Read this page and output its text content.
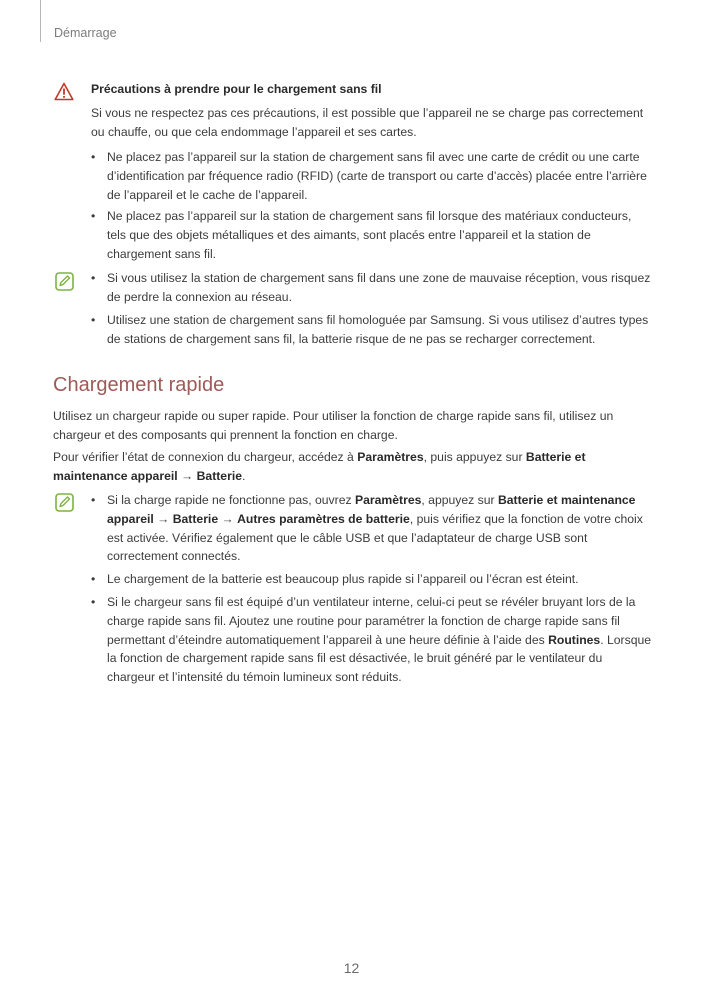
Démarrage
Précautions à prendre pour le chargement sans fil

Si vous ne respectez pas ces précautions, il est possible que l’appareil ne se charge pas correctement ou chauffe, ou que cela endommage l’appareil et ses cartes.

• Ne placez pas l’appareil sur la station de chargement sans fil avec une carte de crédit ou une carte d’identification par fréquence radio (RFID) (carte de transport ou carte d’accès) placée entre l’arrière de l’appareil et le cache de l’appareil.

• Ne placez pas l’appareil sur la station de chargement sans fil lorsque des matériaux conducteurs, tels que des objets métalliques et des aimants, sont placés entre l’appareil et la station de chargement sans fil.

• Si vous utilisez la station de chargement sans fil dans une zone de mauvaise réception, vous risquez de perdre la connexion au réseau.

• Utilisez une station de chargement sans fil homologuée par Samsung. Si vous utilisez d’autres types de stations de chargement sans fil, la batterie risque de ne pas se recharger correctement.

Chargement rapide

Utilisez un chargeur rapide ou super rapide. Pour utiliser la fonction de charge rapide sans fil, utilisez un chargeur et des composants qui prennent la fonction en charge.

Pour vérifier l’état de connexion du chargeur, accédez à Paramètres, puis appuyez sur Batterie et maintenance appareil → Batterie.

• Si la charge rapide ne fonctionne pas, ouvrez Paramètres, appuyez sur Batterie et maintenance appareil → Batterie → Autres paramètres de batterie, puis vérifiez que la fonction de votre choix est activée. Vérifiez également que le câble USB et que l’adaptateur de charge USB sont correctement connectés.

• Le chargement de la batterie est beaucoup plus rapide si l’appareil ou l’écran est éteint.

• Si le chargeur sans fil est équipé d’un ventilateur interne, celui-ci peut se révéler bruyant lors de la charge rapide sans fil. Ajoutez une routine pour paramétrer la fonction de charge rapide sans fil permettant d’éteindre automatiquement l’appareil à une heure définie à l’aide des Routines. Lorsque la fonction de chargement rapide sans fil est désactivée, le bruit généré par le ventilateur du chargeur et l’intensité du témoin lumineux sont réduits.

12
